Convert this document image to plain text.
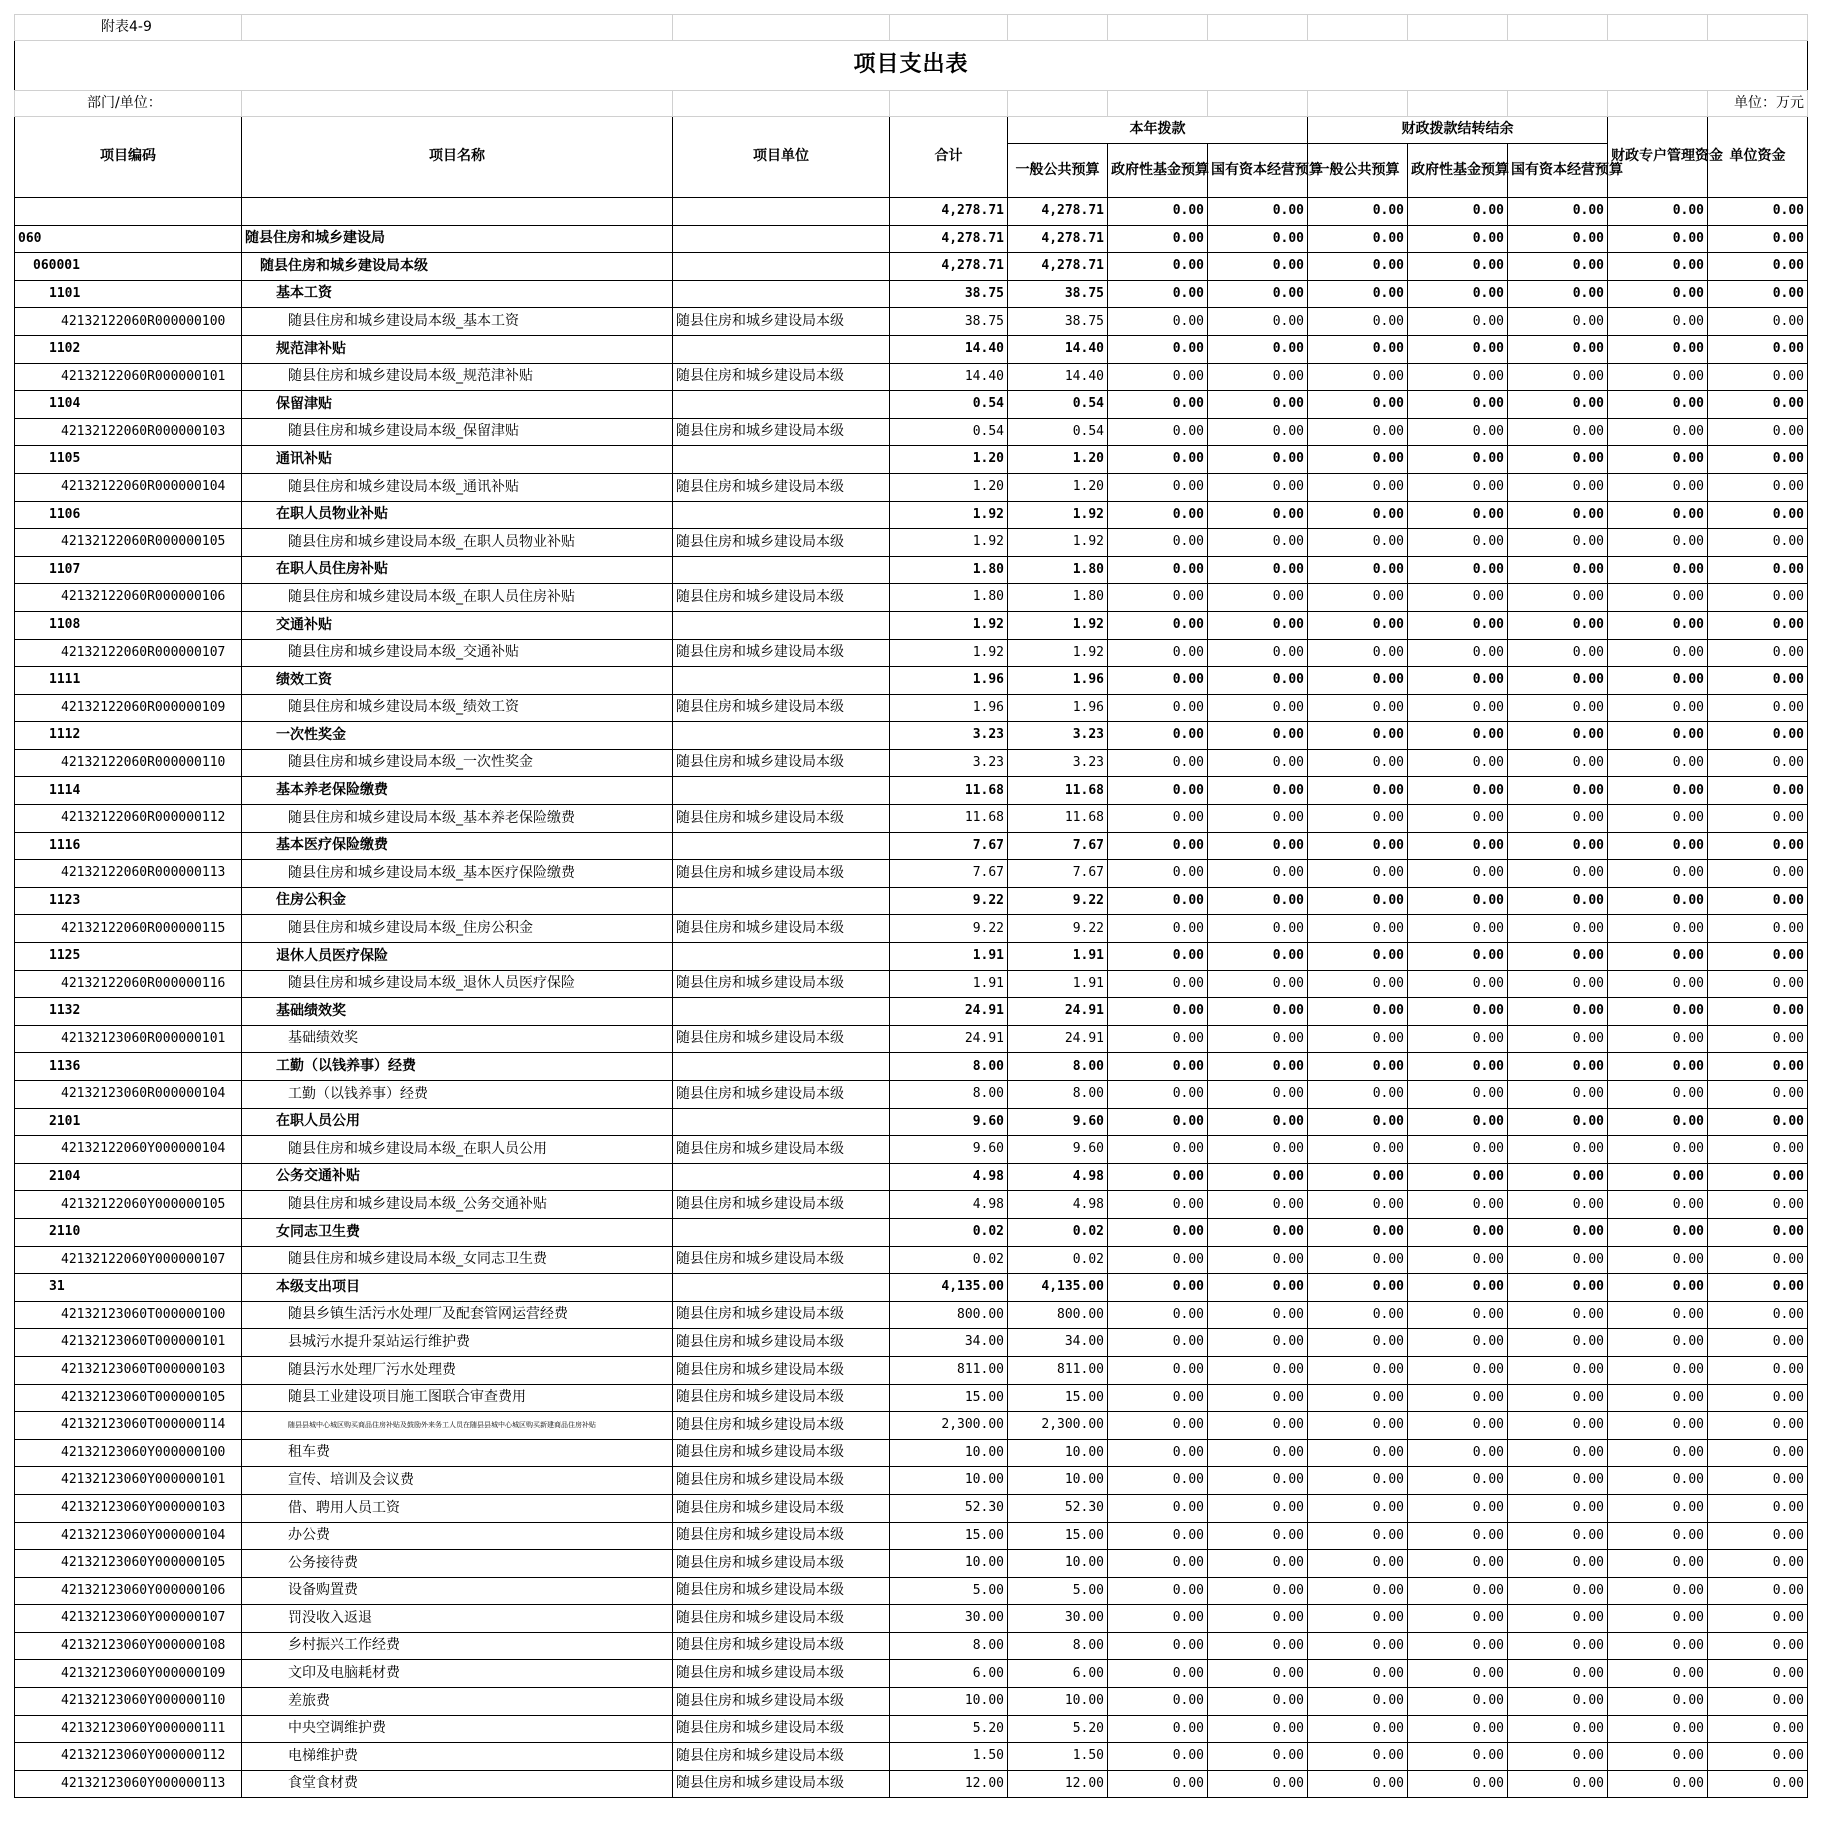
附表4-9											
项目支出表											
部门/单位：											单位：万元
项目编码	项目名称	项目单位	合计	本年拨款			财政拨款结转结余			财政专户管理资金	单位资金
				一般公共预算	政府性基金预算	国有资本经营预算	一般公共预算	政府性基金预算	国有资本经营预算		
			4,278.71	4,278.71	0.00	0.00	0.00	0.00	0.00	0.00	0.00
060	随县住房和城乡建设局		4,278.71	4,278.71	0.00	0.00	0.00	0.00	0.00	0.00	0.00
060001	随县住房和城乡建设局本级		4,278.71	4,278.71	0.00	0.00	0.00	0.00	0.00	0.00	0.00
1101	基本工资		38.75	38.75	0.00	0.00	0.00	0.00	0.00	0.00	0.00
42132122060R000000100	随县住房和城乡建设局本级_基本工资	随县住房和城乡建设局本级	38.75	38.75	0.00	0.00	0.00	0.00	0.00	0.00	0.00
1102	规范津补贴		14.40	14.40	0.00	0.00	0.00	0.00	0.00	0.00	0.00
42132122060R000000101	随县住房和城乡建设局本级_规范津补贴	随县住房和城乡建设局本级	14.40	14.40	0.00	0.00	0.00	0.00	0.00	0.00	0.00
1104	保留津贴		0.54	0.54	0.00	0.00	0.00	0.00	0.00	0.00	0.00
42132122060R000000103	随县住房和城乡建设局本级_保留津贴	随县住房和城乡建设局本级	0.54	0.54	0.00	0.00	0.00	0.00	0.00	0.00	0.00
1105	通讯补贴		1.20	1.20	0.00	0.00	0.00	0.00	0.00	0.00	0.00
42132122060R000000104	随县住房和城乡建设局本级_通讯补贴	随县住房和城乡建设局本级	1.20	1.20	0.00	0.00	0.00	0.00	0.00	0.00	0.00
1106	在职人员物业补贴		1.92	1.92	0.00	0.00	0.00	0.00	0.00	0.00	0.00
42132122060R000000105	随县住房和城乡建设局本级_在职人员物业补贴	随县住房和城乡建设局本级	1.92	1.92	0.00	0.00	0.00	0.00	0.00	0.00	0.00
1107	在职人员住房补贴		1.80	1.80	0.00	0.00	0.00	0.00	0.00	0.00	0.00
42132122060R000000106	随县住房和城乡建设局本级_在职人员住房补贴	随县住房和城乡建设局本级	1.80	1.80	0.00	0.00	0.00	0.00	0.00	0.00	0.00
1108	交通补贴		1.92	1.92	0.00	0.00	0.00	0.00	0.00	0.00	0.00
42132122060R000000107	随县住房和城乡建设局本级_交通补贴	随县住房和城乡建设局本级	1.92	1.92	0.00	0.00	0.00	0.00	0.00	0.00	0.00
1111	绩效工资		1.96	1.96	0.00	0.00	0.00	0.00	0.00	0.00	0.00
42132122060R000000109	随县住房和城乡建设局本级_绩效工资	随县住房和城乡建设局本级	1.96	1.96	0.00	0.00	0.00	0.00	0.00	0.00	0.00
1112	一次性奖金		3.23	3.23	0.00	0.00	0.00	0.00	0.00	0.00	0.00
42132122060R000000110	随县住房和城乡建设局本级_一次性奖金	随县住房和城乡建设局本级	3.23	3.23	0.00	0.00	0.00	0.00	0.00	0.00	0.00
1114	基本养老保险缴费		11.68	11.68	0.00	0.00	0.00	0.00	0.00	0.00	0.00
42132122060R000000112	随县住房和城乡建设局本级_基本养老保险缴费	随县住房和城乡建设局本级	11.68	11.68	0.00	0.00	0.00	0.00	0.00	0.00	0.00
1116	基本医疗保险缴费		7.67	7.67	0.00	0.00	0.00	0.00	0.00	0.00	0.00
42132122060R000000113	随县住房和城乡建设局本级_基本医疗保险缴费	随县住房和城乡建设局本级	7.67	7.67	0.00	0.00	0.00	0.00	0.00	0.00	0.00
1123	住房公积金		9.22	9.22	0.00	0.00	0.00	0.00	0.00	0.00	0.00
42132122060R000000115	随县住房和城乡建设局本级_住房公积金	随县住房和城乡建设局本级	9.22	9.22	0.00	0.00	0.00	0.00	0.00	0.00	0.00
1125	退休人员医疗保险		1.91	1.91	0.00	0.00	0.00	0.00	0.00	0.00	0.00
42132122060R000000116	随县住房和城乡建设局本级_退休人员医疗保险	随县住房和城乡建设局本级	1.91	1.91	0.00	0.00	0.00	0.00	0.00	0.00	0.00
1132	基础绩效奖		24.91	24.91	0.00	0.00	0.00	0.00	0.00	0.00	0.00
42132123060R000000101	基础绩效奖	随县住房和城乡建设局本级	24.91	24.91	0.00	0.00	0.00	0.00	0.00	0.00	0.00
1136	工勤（以钱养事）经费		8.00	8.00	0.00	0.00	0.00	0.00	0.00	0.00	0.00
42132123060R000000104	工勤（以钱养事）经费	随县住房和城乡建设局本级	8.00	8.00	0.00	0.00	0.00	0.00	0.00	0.00	0.00
2101	在职人员公用		9.60	9.60	0.00	0.00	0.00	0.00	0.00	0.00	0.00
42132122060Y000000104	随县住房和城乡建设局本级_在职人员公用	随县住房和城乡建设局本级	9.60	9.60	0.00	0.00	0.00	0.00	0.00	0.00	0.00
2104	公务交通补贴		4.98	4.98	0.00	0.00	0.00	0.00	0.00	0.00	0.00
42132122060Y000000105	随县住房和城乡建设局本级_公务交通补贴	随县住房和城乡建设局本级	4.98	4.98	0.00	0.00	0.00	0.00	0.00	0.00	0.00
2110	女同志卫生费		0.02	0.02	0.00	0.00	0.00	0.00	0.00	0.00	0.00
42132122060Y000000107	随县住房和城乡建设局本级_女同志卫生费	随县住房和城乡建设局本级	0.02	0.02	0.00	0.00	0.00	0.00	0.00	0.00	0.00
31	本级支出项目		4,135.00	4,135.00	0.00	0.00	0.00	0.00	0.00	0.00	0.00
42132123060T000000100	随县乡镇生活污水处理厂及配套管网运营经费	随县住房和城乡建设局本级	800.00	800.00	0.00	0.00	0.00	0.00	0.00	0.00	0.00
42132123060T000000101	县城污水提升泵站运行维护费	随县住房和城乡建设局本级	34.00	34.00	0.00	0.00	0.00	0.00	0.00	0.00	0.00
42132123060T000000103	随县污水处理厂污水处理费	随县住房和城乡建设局本级	811.00	811.00	0.00	0.00	0.00	0.00	0.00	0.00	0.00
42132123060T000000105	随县工业建设项目施工图联合审查费用	随县住房和城乡建设局本级	15.00	15.00	0.00	0.00	0.00	0.00	0.00	0.00	0.00
42132123060T000000114	随县县城中心城区购买商品住房补贴及鼓励外来务工人员在随县县城中心城区购买新建商品住房补贴	随县住房和城乡建设局本级	2,300.00	2,300.00	0.00	0.00	0.00	0.00	0.00	0.00	0.00
42132123060Y000000100	租车费	随县住房和城乡建设局本级	10.00	10.00	0.00	0.00	0.00	0.00	0.00	0.00	0.00
42132123060Y000000101	宣传、培训及会议费	随县住房和城乡建设局本级	10.00	10.00	0.00	0.00	0.00	0.00	0.00	0.00	0.00
42132123060Y000000103	借、聘用人员工资	随县住房和城乡建设局本级	52.30	52.30	0.00	0.00	0.00	0.00	0.00	0.00	0.00
42132123060Y000000104	办公费	随县住房和城乡建设局本级	15.00	15.00	0.00	0.00	0.00	0.00	0.00	0.00	0.00
42132123060Y000000105	公务接待费	随县住房和城乡建设局本级	10.00	10.00	0.00	0.00	0.00	0.00	0.00	0.00	0.00
42132123060Y000000106	设备购置费	随县住房和城乡建设局本级	5.00	5.00	0.00	0.00	0.00	0.00	0.00	0.00	0.00
42132123060Y000000107	罚没收入返退	随县住房和城乡建设局本级	30.00	30.00	0.00	0.00	0.00	0.00	0.00	0.00	0.00
42132123060Y000000108	乡村振兴工作经费	随县住房和城乡建设局本级	8.00	8.00	0.00	0.00	0.00	0.00	0.00	0.00	0.00
42132123060Y000000109	文印及电脑耗材费	随县住房和城乡建设局本级	6.00	6.00	0.00	0.00	0.00	0.00	0.00	0.00	0.00
42132123060Y000000110	差旅费	随县住房和城乡建设局本级	10.00	10.00	0.00	0.00	0.00	0.00	0.00	0.00	0.00
42132123060Y000000111	中央空调维护费	随县住房和城乡建设局本级	5.20	5.20	0.00	0.00	0.00	0.00	0.00	0.00	0.00
42132123060Y000000112	电梯维护费	随县住房和城乡建设局本级	1.50	1.50	0.00	0.00	0.00	0.00	0.00	0.00	0.00
42132123060Y000000113	食堂食材费	随县住房和城乡建设局本级	12.00	12.00	0.00	0.00	0.00	0.00	0.00	0.00	0.00
